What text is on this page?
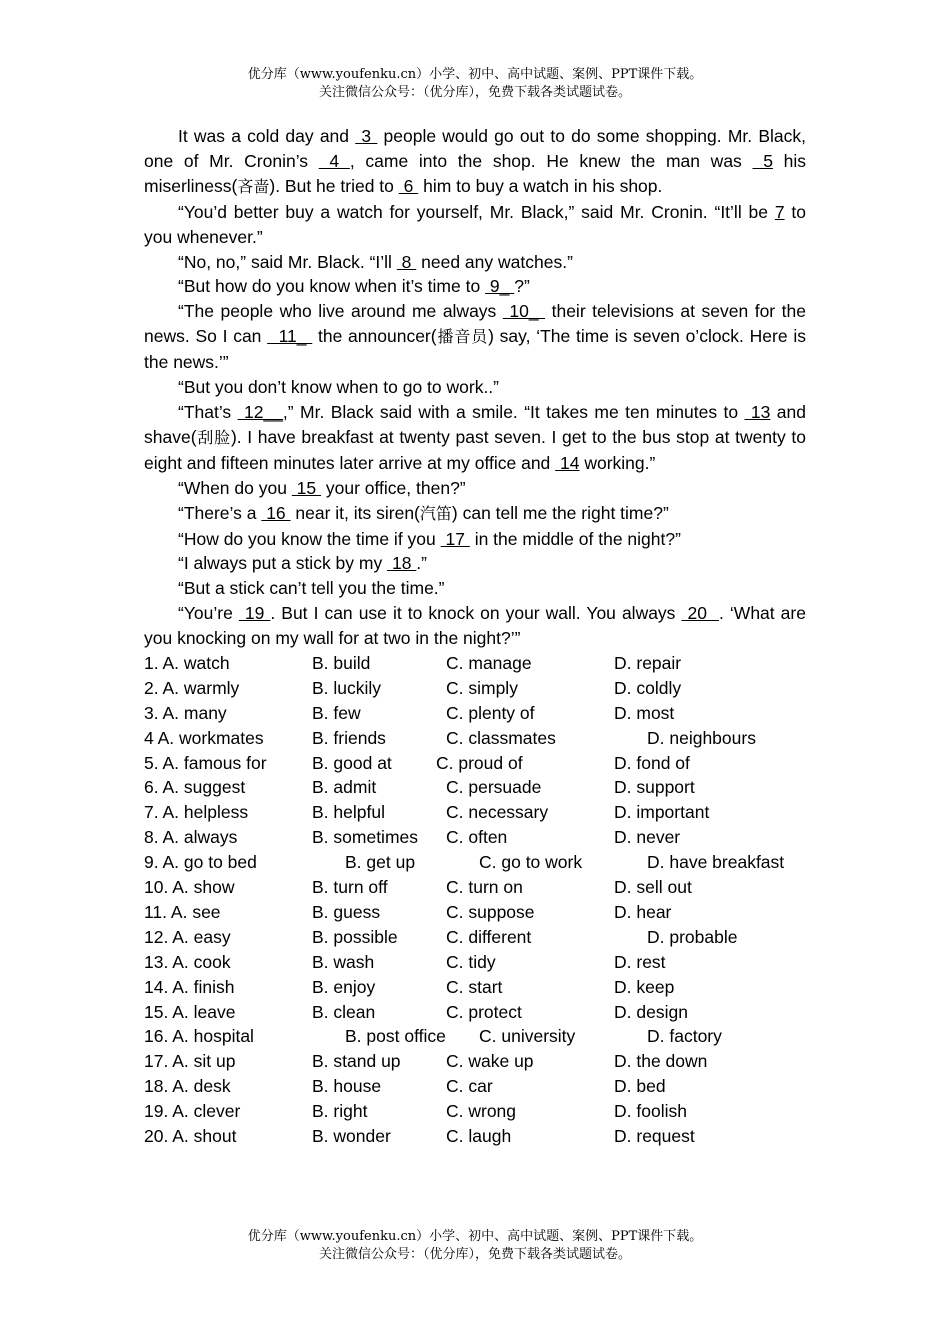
优分库（www.youfenku.cn）小学、初中、高中试题、案例、PPT课件下载。
关注微信公众号：（优分库），免费下载各类试题试卷。

It was a cold day and  3  people would go out to do some shopping. Mr. Black, one of Mr. Cronin’s  4 , came into the shop. He knew the man was  5 his miserliness(吝啬). But he tried to  6  him to buy a watch in his shop.

“You’d better buy a watch for yourself, Mr. Black,” said Mr. Cronin. “It’ll be 7 to you whenever.”

“No, no,” said Mr. Black. “I’ll  8  need any watches.”

“But how do you know when it’s time to  9_ ?”

“The people who live around me always  10_  their televisions at seven for the news. So I can   11_  the announcer(播音员) say, ‘The time is seven o’clock. Here is the news.’”

“But you don’t know when to go to work..”

“That’s  12__,” Mr. Black said with a smile. “It takes me ten minutes to  13 and shave(刮脸). I have breakfast at twenty past seven. I get to the bus stop at twenty to eight and fifteen minutes later arrive at my office and  14 working.”

“When do you  15  your office, then?”

“There’s a  16  near it, its siren(汽笛) can tell me the right time?”

“How do you know the time if you  17  in the middle of the night?”

“I always put a stick by my  18 .”

“But a stick can’t tell you the time.”

“You’re  19 . But I can use it to knock on your wall. You always  20  . ‘What are you knocking on my wall for at two in the night?’”

1. A. watch	B. build	C. manage	D. repair
2. A. warmly	B. luckily	C. simply	D. coldly
3. A. many	B. few	C. plenty of	D. most
4 A. workmates	B. friends	C. classmates	D. neighbours
5. A. famous for	B. good at	C. proud of	D. fond of
6. A. suggest	B. admit	C. persuade	D. support
7. A. helpless	B. helpful	C. necessary	D. important
8. A. always	B. sometimes C. often	D. never
9. A. go to bed	B. get up	C. go to work	D. have breakfast
10. A. show	B. turn off	C. turn on	D. sell out
11. A. see	B. guess	C. suppose	D. hear
12. A. easy	B. possible	C. different	D. probable
13. A. cook	B. wash	C. tidy	D. rest
14. A. finish	B. enjoy	C. start	D. keep
15. A. leave	B. clean	C. protect	D. design
16. A. hospital	B. post office C. university	D. factory
17. A. sit up	B. stand up	C. wake up	D. the down
18. A. desk	B. house	C. car	D. bed
19. A. clever	B. right	C. wrong	D. foolish
20. A. shout	B. wonder	C. laugh	D. request
优分库（www.youfenku.cn）小学、初中、高中试题、案例、PPT课件下载。
关注微信公众号：（优分库），免费下载各类试题试卷。
